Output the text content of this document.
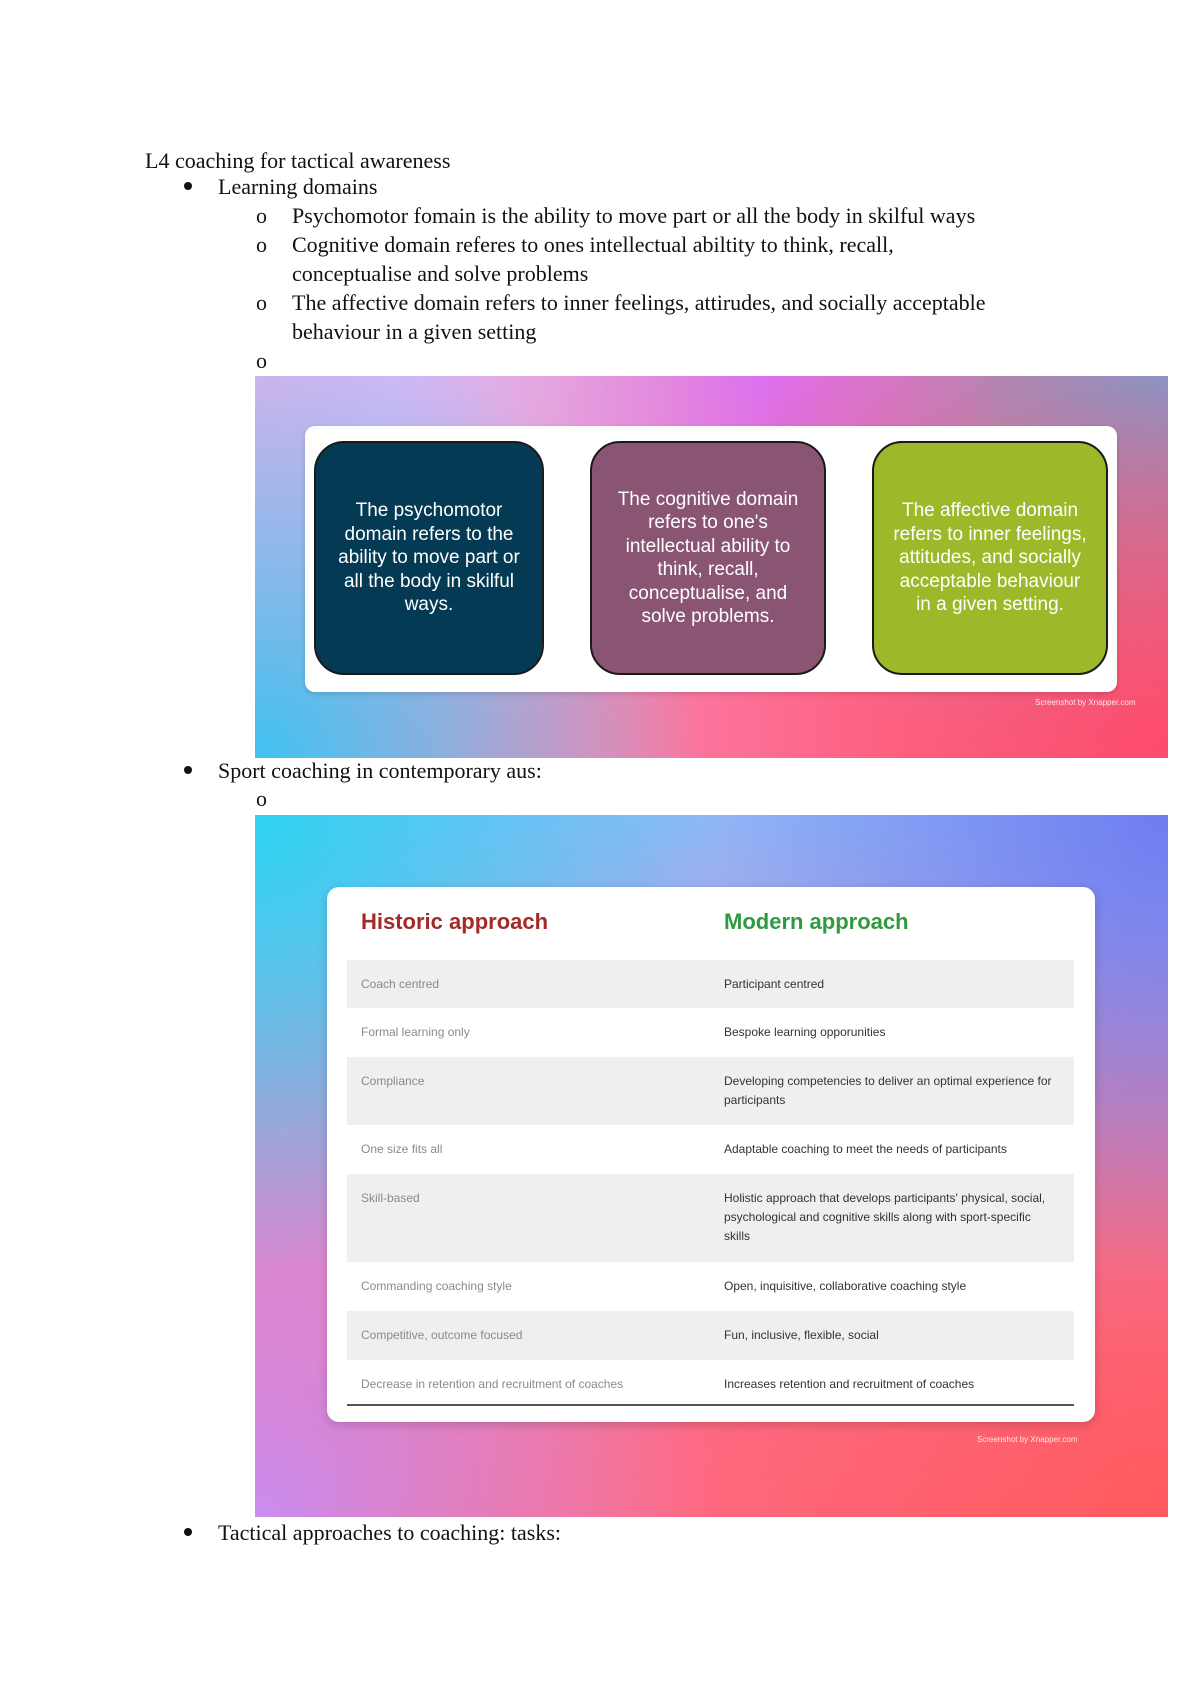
L4 coaching for tactical awareness
Learning domains
o Psychomotor fomain is the ability to move part or all the body in skilful ways
o Cognitive domain referes to ones intellectual abiltity to think, recall,
conceptualise and solve problems
o The affective domain refers to inner feelings, attirudes, and socially acceptable
behaviour in a given setting
o
The psychomotor domain refers to the ability to move part or all the body in skilful ways.
The cognitive domain refers to one's intellectual ability to think, recall, conceptualise, and solve problems.
The affective domain refers to inner feelings, attitudes, and socially acceptable behaviour in a given setting.
Screenshot by Xnapper.com
Sport coaching in contemporary aus:
o
Historic approach	Modern approach
Coach centred	Participant centred
Formal learning only	Bespoke learning opporunities
Compliance	Developing competencies to deliver an optimal experience for participants
One size fits all	Adaptable coaching to meet the needs of participants
Skill-based	Holistic approach that develops participants' physical, social, psychological and cognitive skills along with sport-specific skills
Commanding coaching style	Open, inquisitive, collaborative coaching style
Competitive, outcome focused	Fun, inclusive, flexible, social
Decrease in retention and recruitment of coaches	Increases retention and recruitment of coaches
Screenshot by Xnapper.com
Tactical approaches to coaching: tasks:
